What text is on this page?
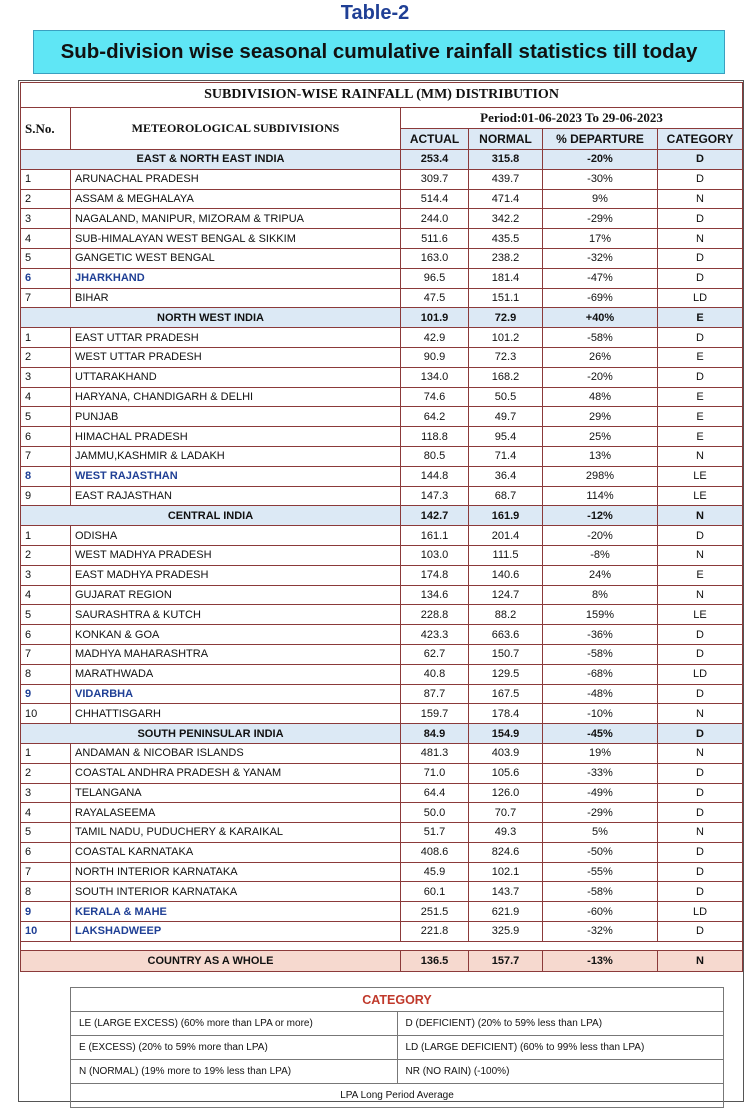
Table-2
Sub-division wise seasonal cumulative rainfall statistics till today
SUBDIVISION-WISE RAINFALL (MM) DISTRIBUTION					
S.No.	METEOROLOGICAL SUBDIVISIONS	Period:01-06-2023 To 29-06-2023			
		ACTUAL	NORMAL	% DEPARTURE	CATEGORY
EAST & NORTH EAST INDIA		253.4	315.8	-20%	D
1	ARUNACHAL PRADESH	309.7	439.7	-30%	D
2	ASSAM & MEGHALAYA	514.4	471.4	9%	N
3	NAGALAND, MANIPUR, MIZORAM & TRIPUA	244.0	342.2	-29%	D
4	SUB-HIMALAYAN WEST BENGAL & SIKKIM	511.6	435.5	17%	N
5	GANGETIC WEST BENGAL	163.0	238.2	-32%	D
6	JHARKHAND	96.5	181.4	-47%	D
7	BIHAR	47.5	151.1	-69%	LD
NORTH WEST INDIA		101.9	72.9	+40%	E
1	EAST UTTAR PRADESH	42.9	101.2	-58%	D
2	WEST UTTAR PRADESH	90.9	72.3	26%	E
3	UTTARAKHAND	134.0	168.2	-20%	D
4	HARYANA, CHANDIGARH & DELHI	74.6	50.5	48%	E
5	PUNJAB	64.2	49.7	29%	E
6	HIMACHAL PRADESH	118.8	95.4	25%	E
7	JAMMU,KASHMIR & LADAKH	80.5	71.4	13%	N
8	WEST RAJASTHAN	144.8	36.4	298%	LE
9	EAST RAJASTHAN	147.3	68.7	114%	LE
CENTRAL INDIA		142.7	161.9	-12%	N
1	ODISHA	161.1	201.4	-20%	D
2	WEST MADHYA PRADESH	103.0	111.5	-8%	N
3	EAST MADHYA PRADESH	174.8	140.6	24%	E
4	GUJARAT REGION	134.6	124.7	8%	N
5	SAURASHTRA & KUTCH	228.8	88.2	159%	LE
6	KONKAN & GOA	423.3	663.6	-36%	D
7	MADHYA MAHARASHTRA	62.7	150.7	-58%	D
8	MARATHWADA	40.8	129.5	-68%	LD
9	VIDARBHA	87.7	167.5	-48%	D
10	CHHATTISGARH	159.7	178.4	-10%	N
SOUTH PENINSULAR INDIA		84.9	154.9	-45%	D
1	ANDAMAN & NICOBAR ISLANDS	481.3	403.9	19%	N
2	COASTAL ANDHRA PRADESH & YANAM	71.0	105.6	-33%	D
3	TELANGANA	64.4	126.0	-49%	D
4	RAYALASEEMA	50.0	70.7	-29%	D
5	TAMIL NADU, PUDUCHERY & KARAIKAL	51.7	49.3	5%	N
6	COASTAL KARNATAKA	408.6	824.6	-50%	D
7	NORTH INTERIOR KARNATAKA	45.9	102.1	-55%	D
8	SOUTH INTERIOR KARNATAKA	60.1	143.7	-58%	D
9	KERALA & MAHE	251.5	621.9	-60%	LD
10	LAKSHADWEEP	221.8	325.9	-32%	D

COUNTRY AS A WHOLE		136.5	157.7	-13%	N
CATEGORY	
LE (LARGE EXCESS) (60% more than LPA or more)	D (DEFICIENT) (20% to 59% less than LPA)
E (EXCESS) (20% to 59% more than LPA)	LD (LARGE DEFICIENT) (60% to 99% less than LPA)
N (NORMAL) (19% more to 19% less than LPA)	NR (NO RAIN) (-100%)
LPA Long Period Average	
